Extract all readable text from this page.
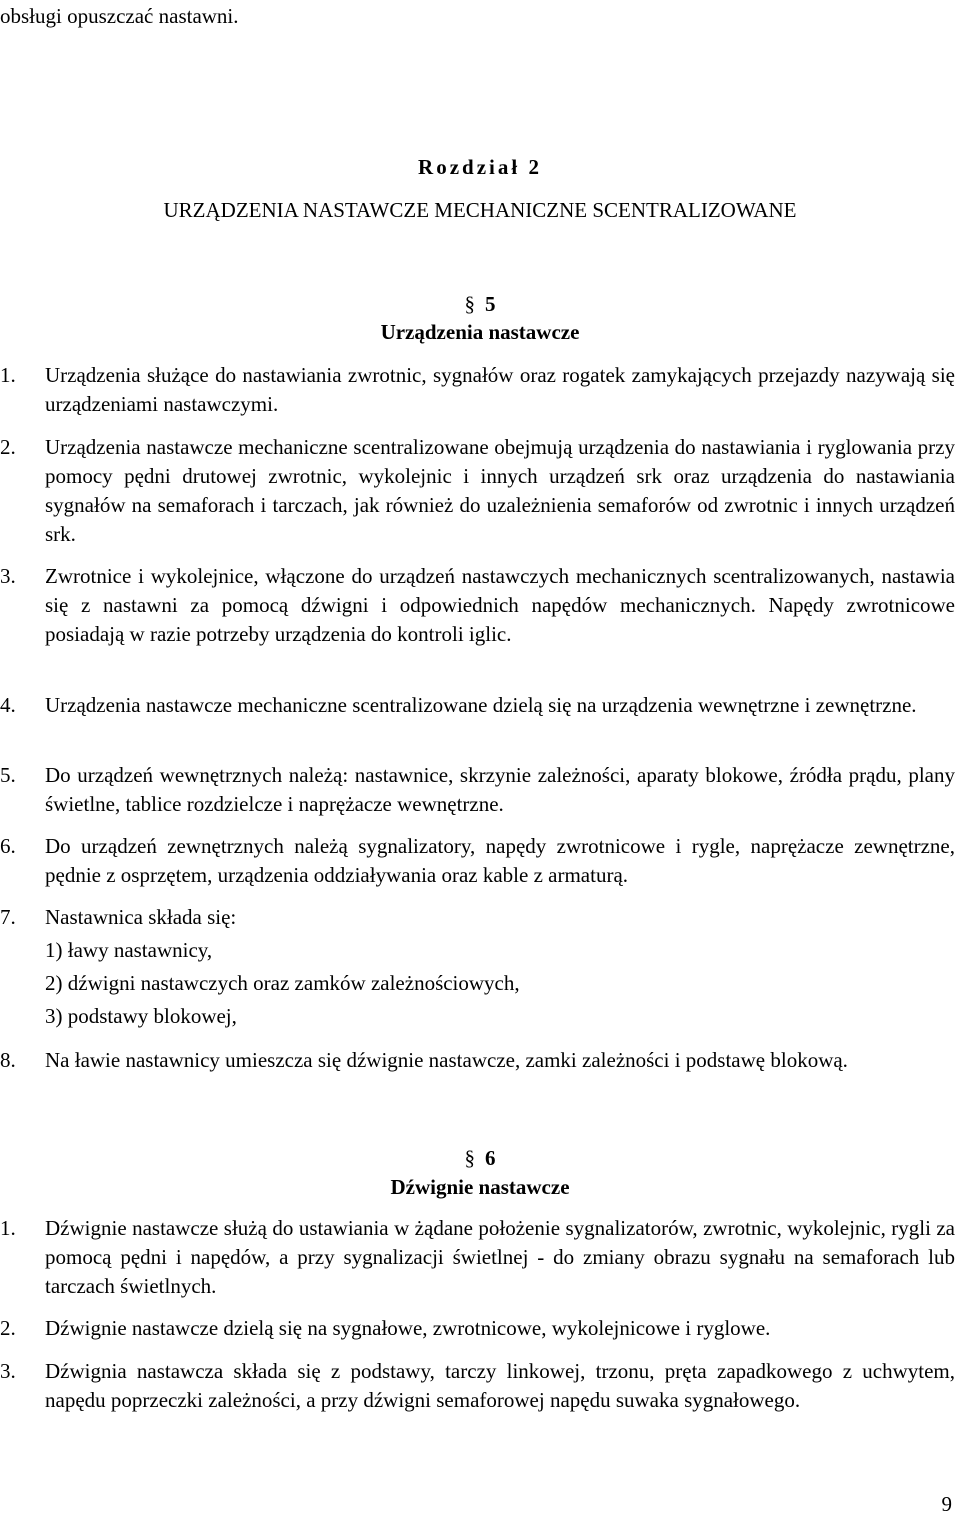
obsługi opuszczać nastawni.
Rozdział 2
URZĄDZENIA NASTAWCZE MECHANICZNE SCENTRALIZOWANE
§ 5
Urządzenia nastawcze
1. Urządzenia służące do nastawiania zwrotnic, sygnałów oraz rogatek zamykających przejazdy nazywają się urządzeniami nastawczymi.
2. Urządzenia nastawcze mechaniczne scentralizowane obejmują urządzenia do nastawiania i ryglowania przy pomocy pędni drutowej zwrotnic, wykolejnic i innych urządzeń srk oraz urządzenia do nastawiania sygnałów na semaforach i tarczach, jak również do uzależnienia semaforów od zwrotnic i innych urządzeń srk.
3. Zwrotnice i wykolejnice, włączone do urządzeń nastawczych mechanicznych scentralizowanych, nastawia się z nastawni za pomocą dźwigni i odpowiednich napędów mechanicznych. Napędy zwrotnicowe posiadają w razie potrzeby urządzenia do kontroli iglic.
4. Urządzenia nastawcze mechaniczne scentralizowane dzielą się na urządzenia wewnętrzne i zewnętrzne.
5. Do urządzeń wewnętrznych należą: nastawnice, skrzynie zależności, aparaty blokowe, źródła prądu, plany świetlne, tablice rozdzielcze i naprężacze wewnętrzne.
6. Do urządzeń zewnętrznych należą sygnalizatory, napędy zwrotnicowe i rygle, naprężacze zewnętrzne, pędnie z osprzętem, urządzenia oddziaływania oraz kable z armaturą.
7. Nastawnica składa się:
1) ławy nastawnicy,
2) dźwigni nastawczych oraz zamków zależnościowych,
3) podstawy blokowej,
8. Na ławie nastawnicy umieszcza się dźwignie nastawcze, zamki zależności i podstawę blokową.
§ 6
Dźwignie nastawcze
1. Dźwignie nastawcze służą do ustawiania w żądane położenie sygnalizatorów, zwrotnic, wykolejnic, rygli za pomocą pędni i napędów, a przy sygnalizacji świetlnej - do zmiany obrazu sygnału na semaforach lub tarczach świetlnych.
2. Dźwignie nastawcze dzielą się na sygnałowe, zwrotnicowe, wykolejnicowe i ryglowe.
3. Dźwignia nastawcza składa się z podstawy, tarczy linkowej, trzonu, pręta zapadkowego z uchwytem, napędu poprzeczki zależności, a przy dźwigni semaforowej napędu suwaka sygnałowego.
9
